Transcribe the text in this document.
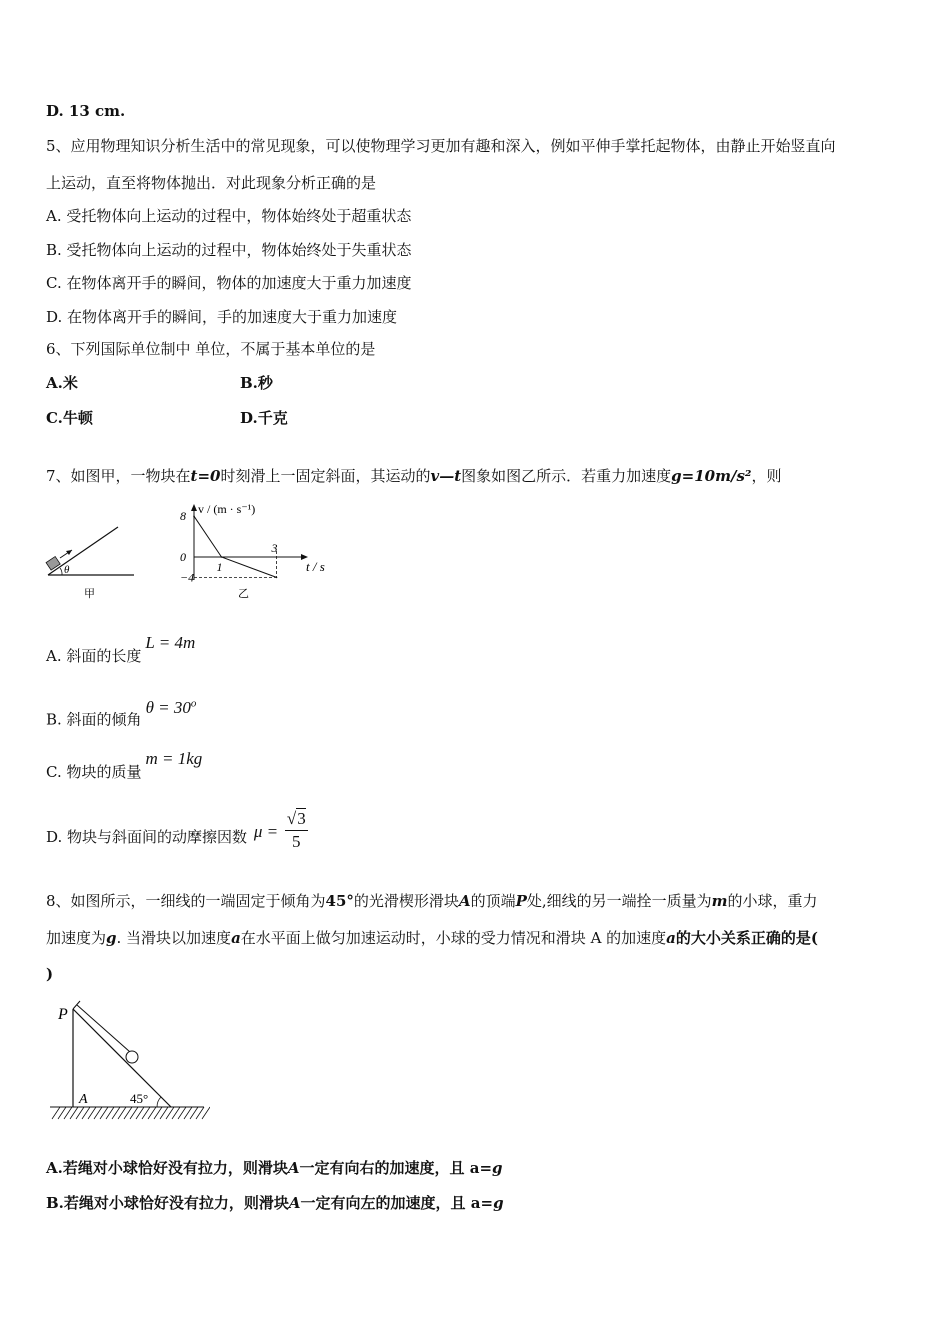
D. 13 cm.
5、应用物理知识分析生活中的常见现象，可以使物理学习更加有趣和深入，例如平伸手掌托起物体，由静止开始竖直向
上运动，直至将物体抛出．对此现象分析正确的是
A. 受托物体向上运动的过程中，物体始终处于超重状态
B. 受托物体向上运动的过程中，物体始终处于失重状态
C. 在物体离开手的瞬间，物体的加速度大于重力加速度
D. 在物体离开手的瞬间，手的加速度大于重力加速度
6、下列国际单位制中 单位，不属于基本单位的是
A.米	B.秒
C.牛顿	D.千克
7、如图甲，一物块在t=0时刻滑上一固定斜面，其运动的v—t图象如图乙所示．若重力加速度g=10m/s²，则
θ
甲
v / (m · s⁻¹)
t / s
8
0
−4
1
3
乙
A. 斜面的长度L = 4m
B. 斜面的倾角$\theta = 30^o$
C. 物块的质量m = 1kg
D. 物块与斜面间的动摩擦因数 $\mu = \frac{√3}{5}$
8、如图所示，一细线的一端固定于倾角为45°的光滑楔形滑块A的顶端P处,细线的另一端拴一质量为m的小球，重力
加速度为g. 当滑块以加速度a在水平面上做匀加速运动时，小球的受力情况和滑块 A 的加速度a的大小关系正确的是(
)
P
A	45°
A.若绳对小球恰好没有拉力，则滑块A一定有向右的加速度，且 a=g
B.若绳对小球恰好没有拉力，则滑块A一定有向左的加速度，且 a=g
